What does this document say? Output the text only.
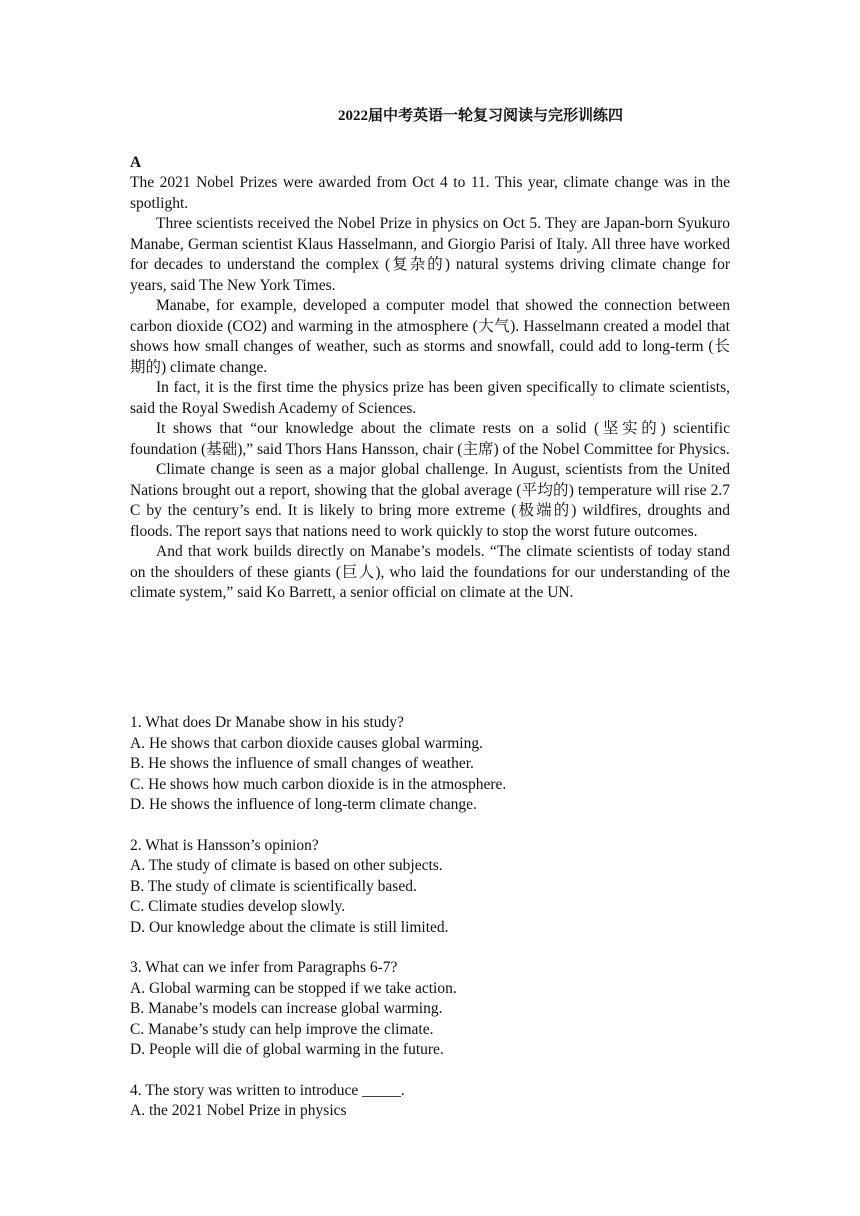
2022届中考英语一轮复习阅读与完形训练四
A

The 2021 Nobel Prizes were awarded from Oct 4 to 11. This year, climate change was in the spotlight.

Three scientists received the Nobel Prize in physics on Oct 5. They are Japan-born Syukuro Manabe, German scientist Klaus Hasselmann, and Giorgio Parisi of Italy. All three have worked for decades to understand the complex (复杂的) natural systems driving climate change for years, said The New York Times.

Manabe, for example, developed a computer model that showed the connection between carbon dioxide (CO2) and warming in the atmosphere (大气). Hasselmann created a model that shows how small changes of weather, such as storms and snowfall, could add to long-term (长期的) climate change.

In fact, it is the first time the physics prize has been given specifically to climate scientists, said the Royal Swedish Academy of Sciences.

It shows that “our knowledge about the climate rests on a solid (坚实的) scientific foundation (基础),” said Thors Hans Hansson, chair (主席) of the Nobel Committee for Physics.

Climate change is seen as a major global challenge. In August, scientists from the United Nations brought out a report, showing that the global average (平均的) temperature will rise 2.7 C by the century’s end. It is likely to bring more extreme (极端的) wildfires, droughts and floods. The report says that nations need to work quickly to stop the worst future outcomes.

And that work builds directly on Manabe’s models. “The climate scientists of today stand on the shoulders of these giants (巨人), who laid the foundations for our understanding of the climate system,” said Ko Barrett, a senior official on climate at the UN.

1. What does Dr Manabe show in his study?
A. He shows that carbon dioxide causes global warming.
B. He shows the influence of small changes of weather.
C. He shows how much carbon dioxide is in the atmosphere.
D. He shows the influence of long-term climate change.
2. What is Hansson’s opinion?
A. The study of climate is based on other subjects.
B. The study of climate is scientifically based.
C. Climate studies develop slowly.
D. Our knowledge about the climate is still limited.
3. What can we infer from Paragraphs 6-7?
A. Global warming can be stopped if we take action.
B. Manabe’s models can increase global warming.
C. Manabe’s study can help improve the climate.
D. People will die of global warming in the future.
4. The story was written to introduce _____.
A. the 2021 Nobel Prize in physics
